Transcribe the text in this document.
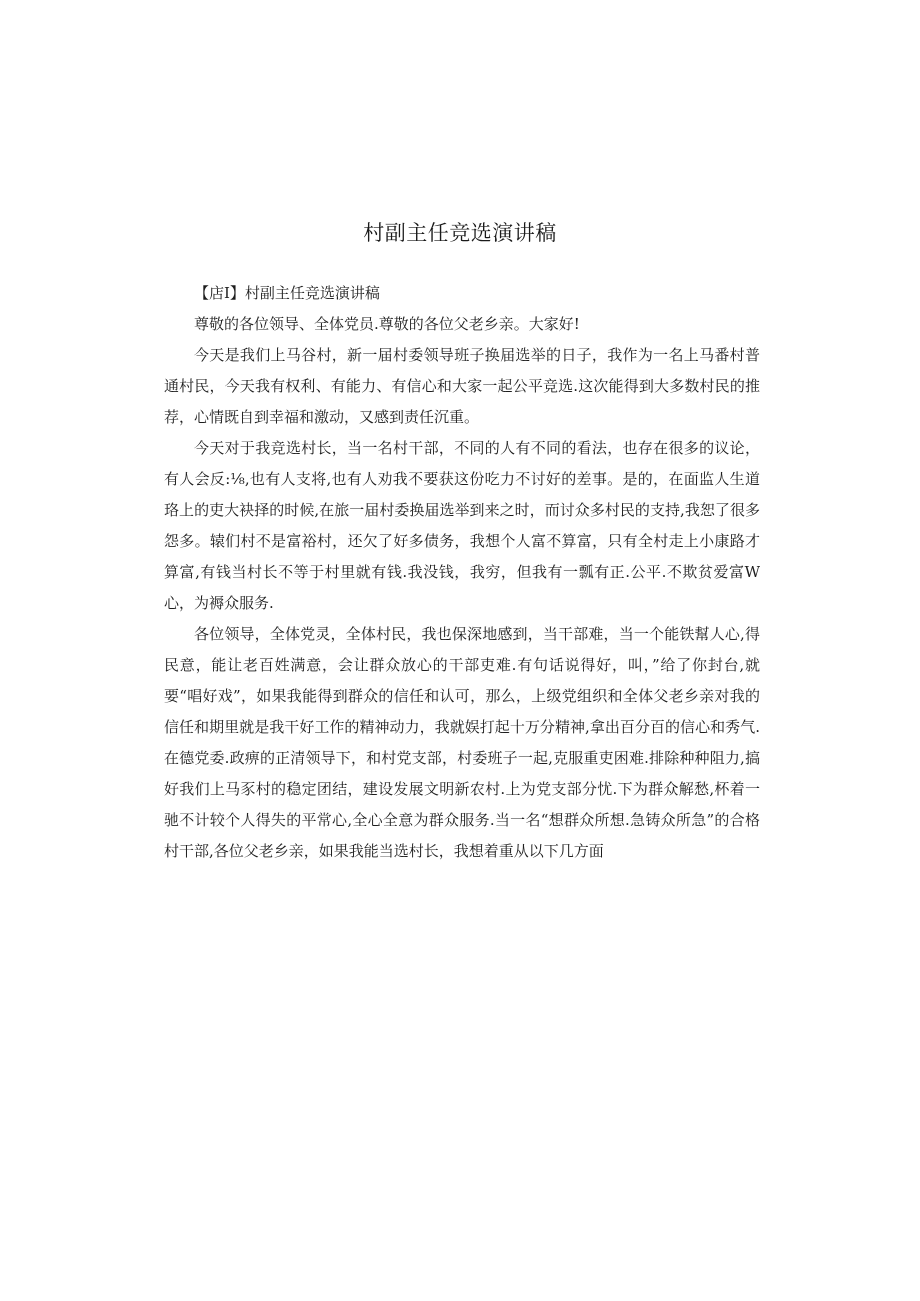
村副主任竞选演讲稿

【店I】村副主任竞选演讲稿

尊敬的各位领导、全体党员.尊敬的各位父老乡亲。大家好!

今天是我们上马谷村，新一届村委领导班子换届选举的日子，我作为一名上马番村普通村民，今天我有权利、有能力、有信心和大家一起公平竞选.这次能得到大多数村民的推荐，心情既自到幸福和激动，又感到责任沉重。

今天对于我竞选村长，当一名村干部，不同的人有不同的看法，也存在很多的议论，有人会反:⅛,也有人支将,也有人劝我不要获这份吃力不讨好的差事。是的，在面监人生道珞上的吏大袂择的时候,在旅一届村委换届选举到来之时，而讨众多村民的支持,我恕了很多怨多。辕们村不是富裕村，还欠了好多债务，我想个人富不算富，只有全村走上小康路才算富,有钱当村长不等于村里就有钱.我没钱，我穷，但我有一瓢有正.公平.不欺贫爱富W心，为褥众服务.

各位领导，全体党灵，全体村民，我也保深地感到，当干部难，当一个能铁幫人心,得民意，能让老百姓满意，会让群众放心的干部吏难.有句话说得好，叫，”给了你封台,就要“唱好戏”，如果我能得到群众的信任和认可，那么，上级党组织和全体父老乡亲对我的信任和期里就是我干好工作的精神动力，我就娱打起十万分精神,拿出百分百的信心和秀气.在德党委.政痹的正清领导下，和村党支部，村委班子一起,克服重吏困难.排除种种阻力,搞好我们上马豕村的稳定团结，建设发展文明新农村.上为党支部分忧.下为群众解愁,杯着一驰不计较个人得失的平常心,全心全意为群众服务.当一名“想群众所想.急铸众所急”的合格村干部,各位父老乡亲，如果我能当选村长，我想着重从以下几方面
